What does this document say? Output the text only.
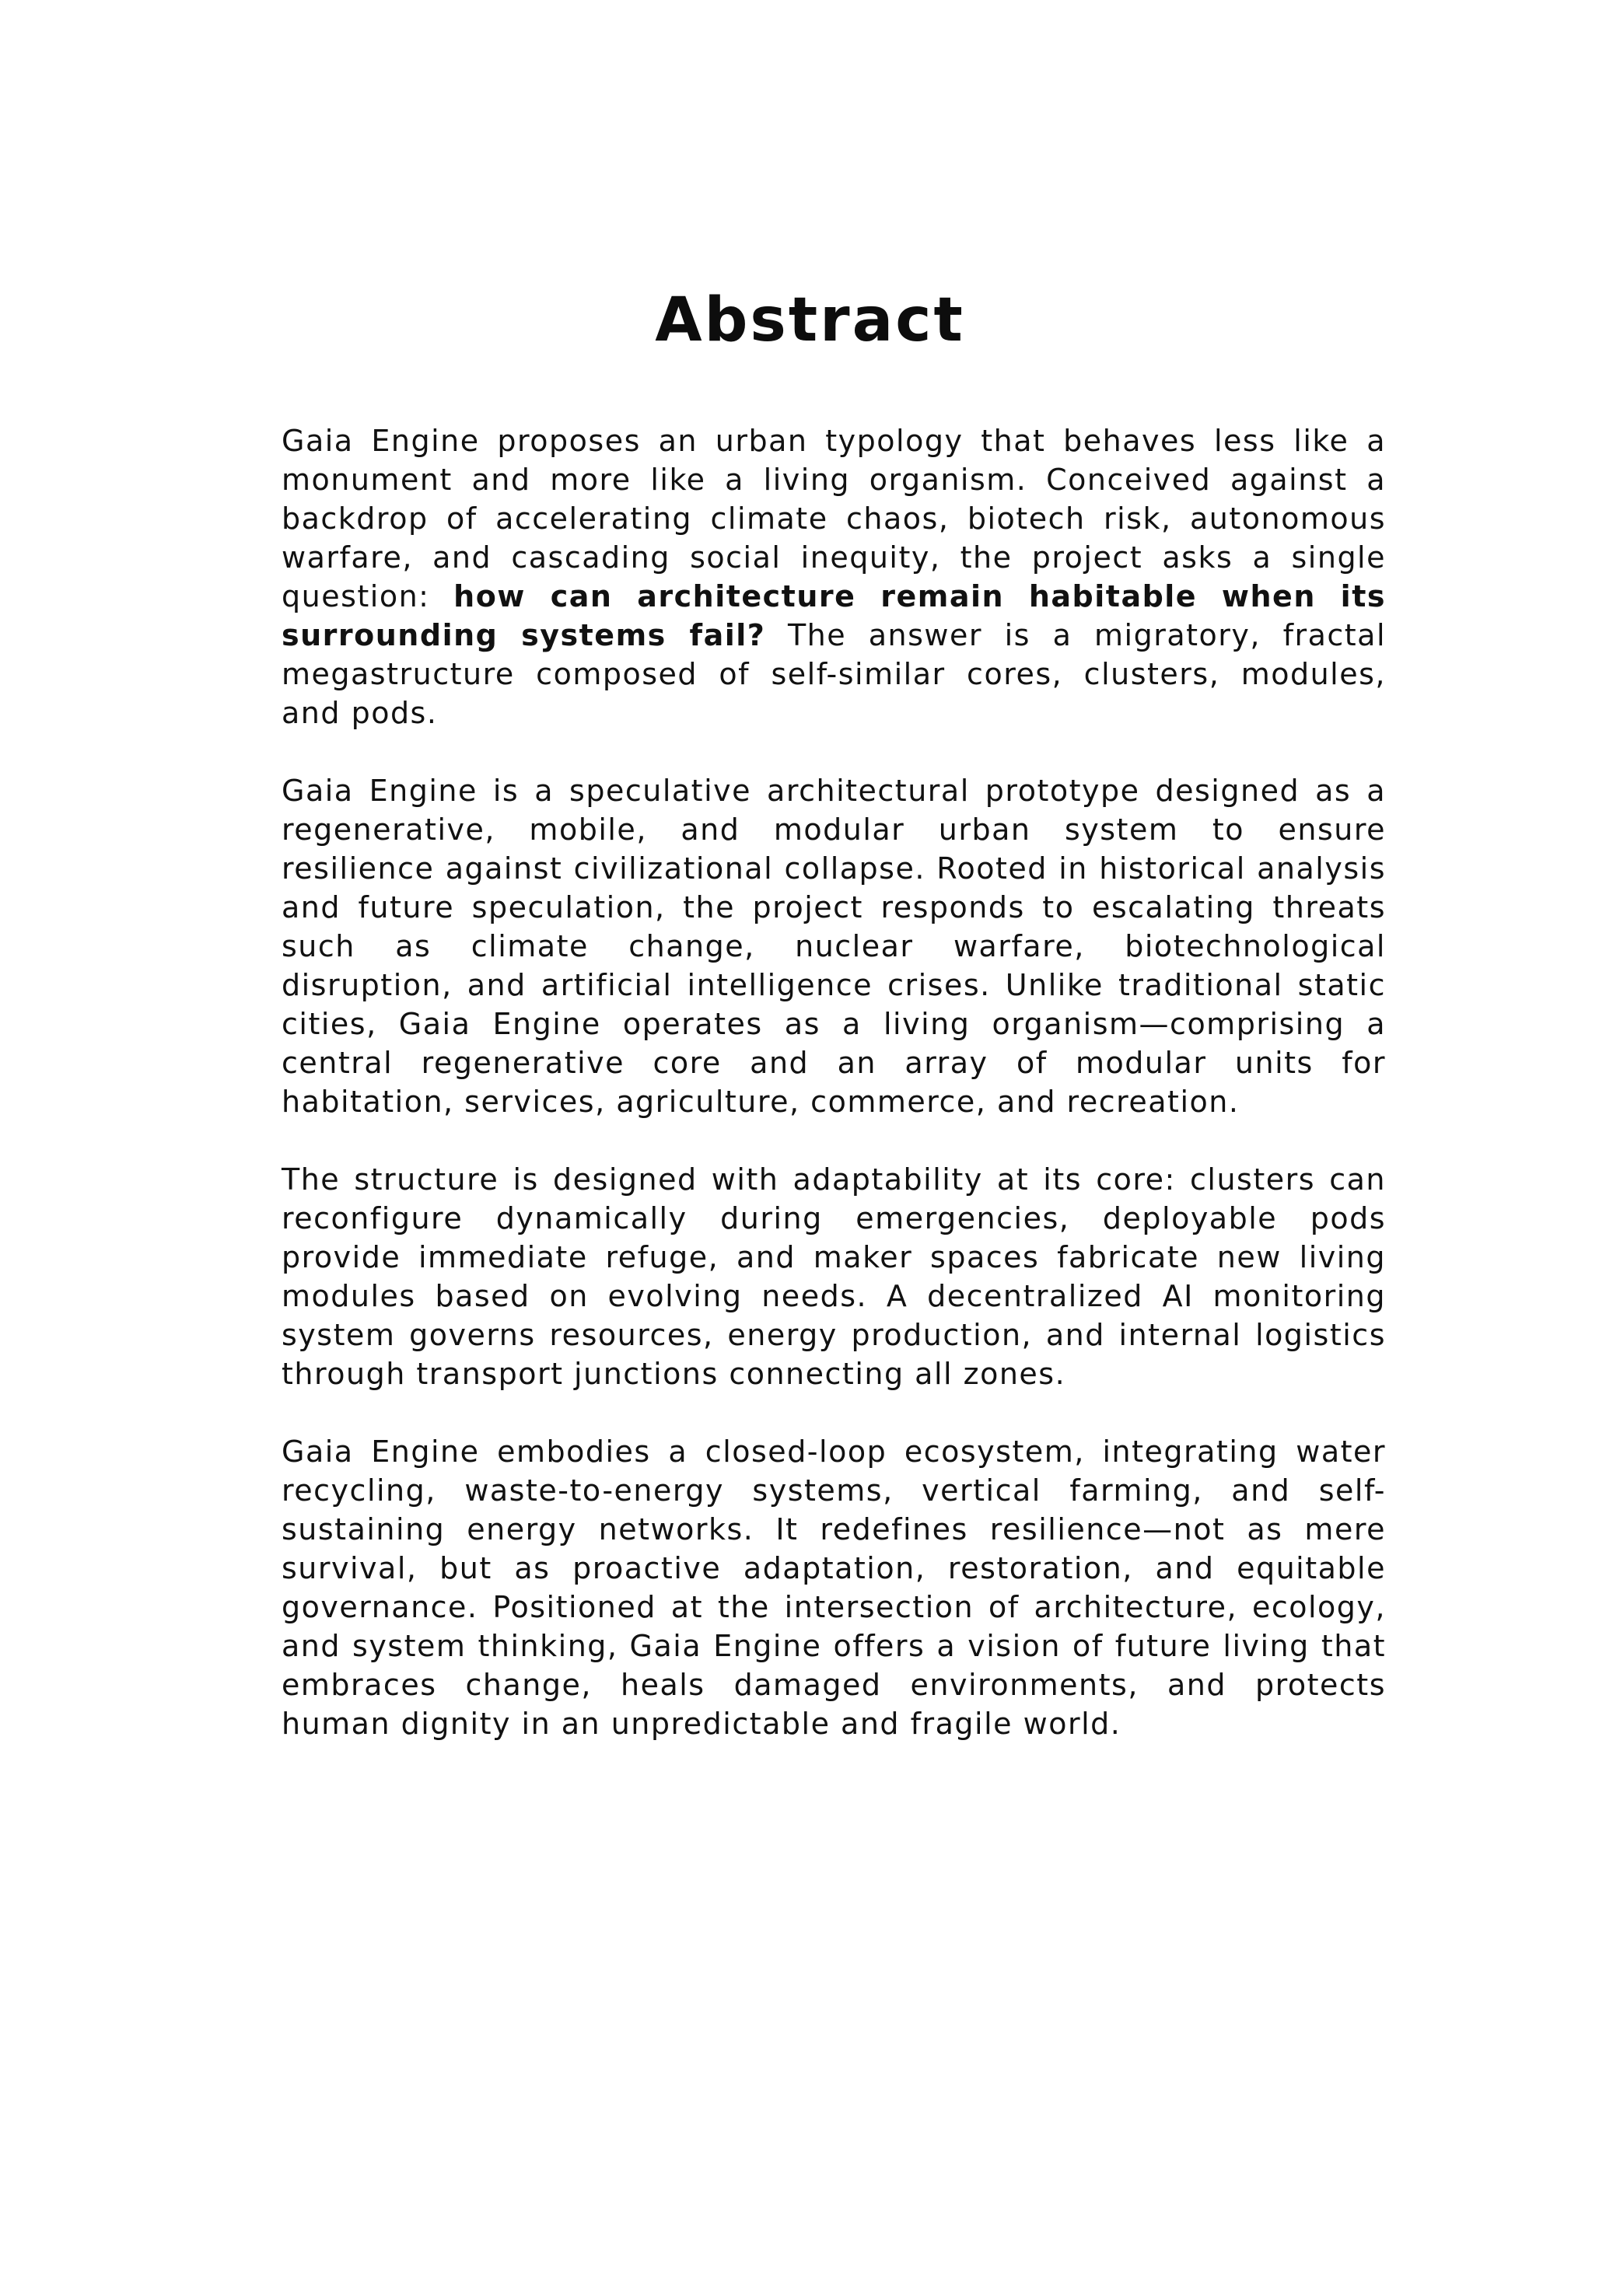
Abstract

Gaia Engine proposes an urban typology that behaves less like a monument and more like a living organism. Conceived against a backdrop of accelerating climate chaos, biotech risk, autonomous warfare, and cascading social inequity, the project asks a single question: how can architecture remain habitable when its surrounding systems fail? The answer is a migratory, fractal megastructure composed of self-similar cores, clusters, modules, and pods.

Gaia Engine is a speculative architectural prototype designed as a regenerative, mobile, and modular urban system to ensure resilience against civilizational collapse. Rooted in historical analysis and future speculation, the project responds to escalating threats such as climate change, nuclear warfare, biotechnological disruption, and artificial intelligence crises. Unlike traditional static cities, Gaia Engine operates as a living organism—comprising a central regenerative core and an array of modular units for habitation, services, agriculture, commerce, and recreation.

The structure is designed with adaptability at its core: clusters can reconfigure dynamically during emergencies, deployable pods provide immediate refuge, and maker spaces fabricate new living modules based on evolving needs. A decentralized AI monitoring system governs resources, energy production, and internal logistics through transport junctions connecting all zones.

Gaia Engine embodies a closed-loop ecosystem, integrating water recycling, waste-to-energy systems, vertical farming, and self-sustaining energy networks. It redefines resilience—not as mere survival, but as proactive adaptation, restoration, and equitable governance. Positioned at the intersection of architecture, ecology, and system thinking, Gaia Engine offers a vision of future living that embraces change, heals damaged environments, and protects human dignity in an unpredictable and fragile world.
